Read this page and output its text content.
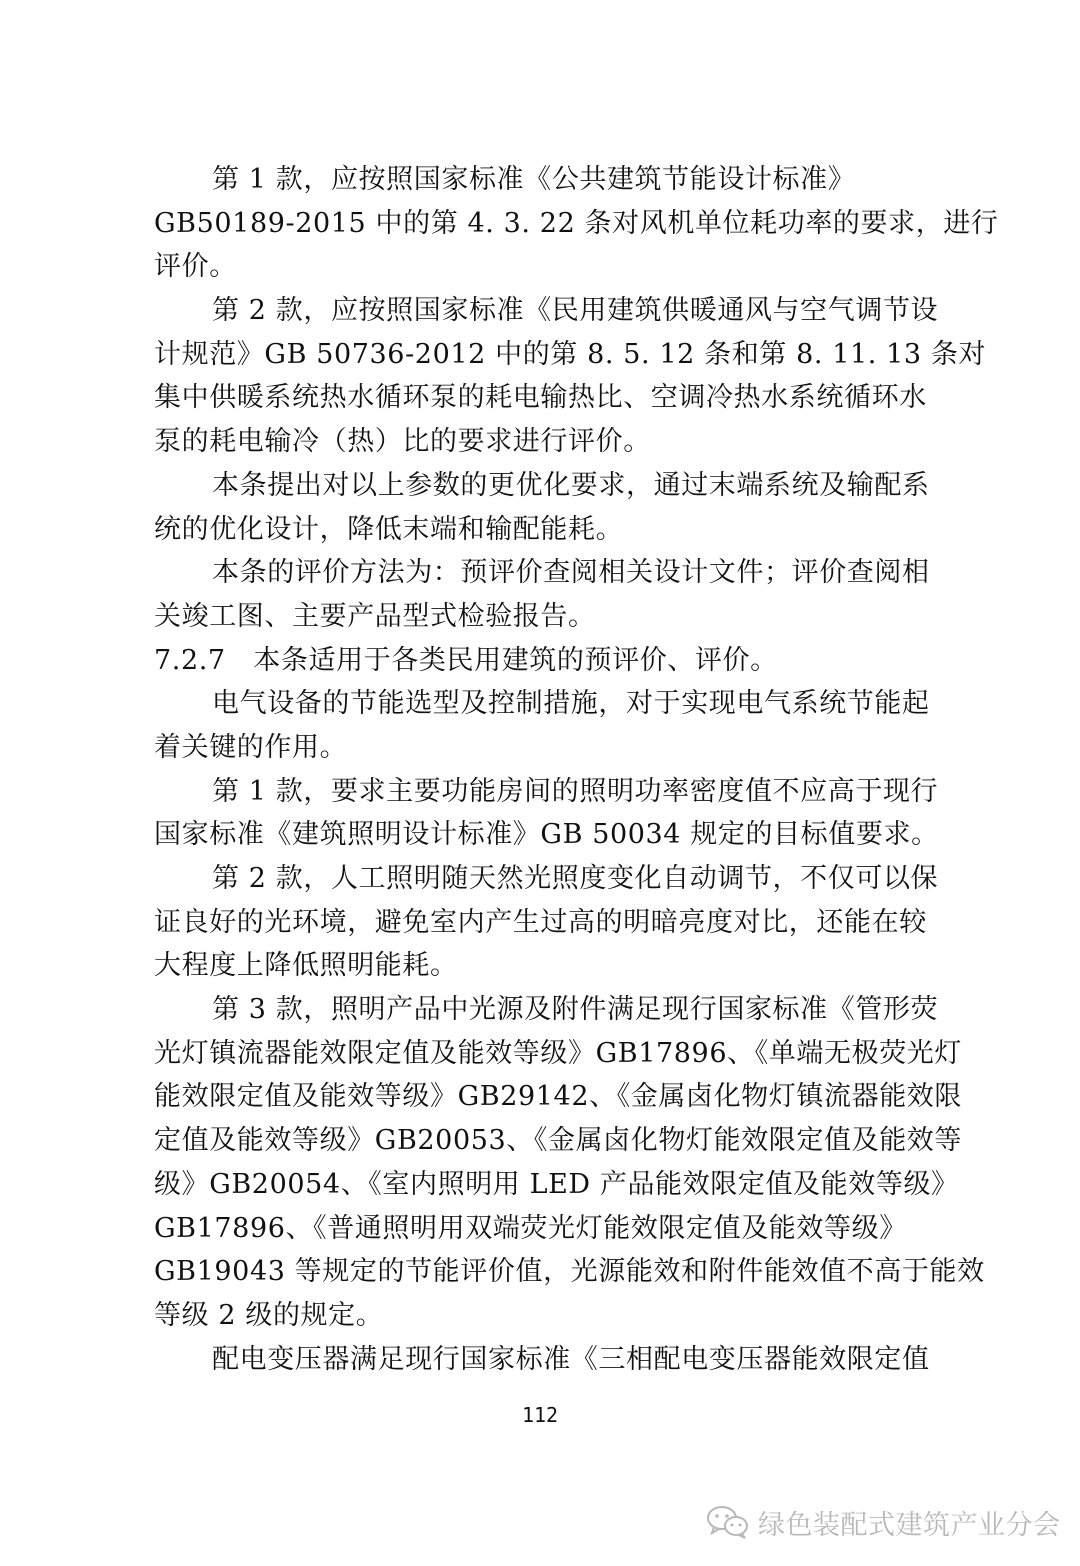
第 1 款，应按照国家标准《公共建筑节能设计标准》
GB50189-2015 中的第 4. 3. 22 条对风机单位耗功率的要求，进行
评价。
第 2 款，应按照国家标准《民用建筑供暖通风与空气调节设
计规范》GB 50736-2012 中的第 8. 5. 12 条和第 8. 11. 13 条对
集中供暖系统热水循环泵的耗电输热比、空调冷热水系统循环水
泵的耗电输冷（热）比的要求进行评价。
本条提出对以上参数的更优化要求，通过末端系统及输配系
统的优化设计，降低末端和输配能耗。
本条的评价方法为：预评价查阅相关设计文件；评价查阅相
关竣工图、主要产品型式检验报告。
7.2.7　本条适用于各类民用建筑的预评价、评价。
电气设备的节能选型及控制措施，对于实现电气系统节能起
着关键的作用。
第 1 款，要求主要功能房间的照明功率密度值不应高于现行
国家标准《建筑照明设计标准》GB 50034 规定的目标值要求。
第 2 款，人工照明随天然光照度变化自动调节，不仅可以保
证良好的光环境，避免室内产生过高的明暗亮度对比，还能在较
大程度上降低照明能耗。
第 3 款，照明产品中光源及附件满足现行国家标准《管形荧
光灯镇流器能效限定值及能效等级》GB17896、《单端无极荧光灯
能效限定值及能效等级》GB29142、《金属卤化物灯镇流器能效限
定值及能效等级》GB20053、《金属卤化物灯能效限定值及能效等
级》GB20054、《室内照明用 LED 产品能效限定值及能效等级》
GB17896、《普通照明用双端荧光灯能效限定值及能效等级》
GB19043 等规定的节能评价值，光源能效和附件能效值不高于能效
等级 2 级的规定。
配电变压器满足现行国家标准《三相配电变压器能效限定值
112
绿色装配式建筑产业分会
